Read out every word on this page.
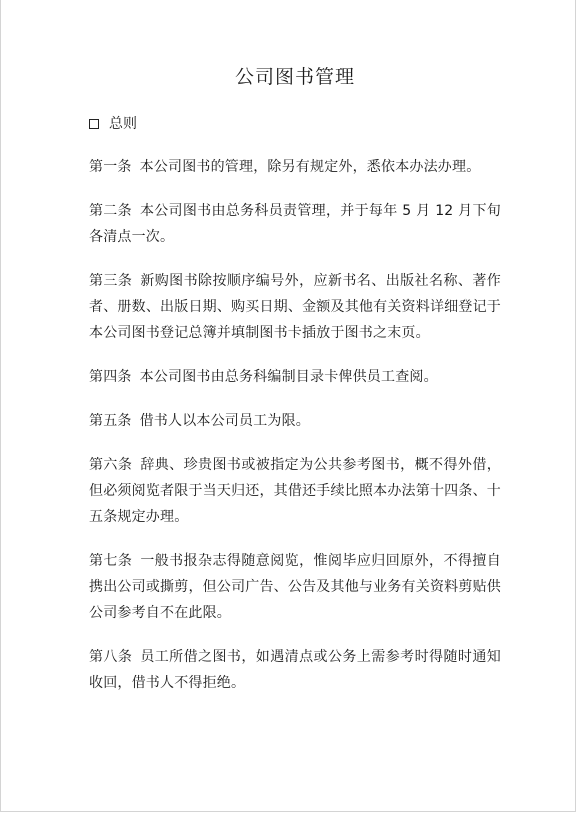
公司图书管理
总则

第一条 本公司图书的管理，除另有规定外，悉依本办法办理。

第二条 本公司图书由总务科员责管理，并于每年 5 月 12 月下旬各清点一次。

第三条 新购图书除按顺序编号外，应新书名、出版社名称、著作者、册数、出版日期、购买日期、金额及其他有关资料详细登记于本公司图书登记总簿并填制图书卡插放于图书之末页。

第四条 本公司图书由总务科编制目录卡俾供员工查阅。

第五条 借书人以本公司员工为限。

第六条 辞典、珍贵图书或被指定为公共参考图书，概不得外借，但必须阅览者限于当天归还，其借还手续比照本办法第十四条、十五条规定办理。

第七条 一般书报杂志得随意阅览，惟阅毕应归回原外，不得擅自携出公司或撕剪，但公司广告、公告及其他与业务有关资料剪贴供公司参考自不在此限。

第八条 员工所借之图书，如遇清点或公务上需参考时得随时通知收回，借书人不得拒绝。
